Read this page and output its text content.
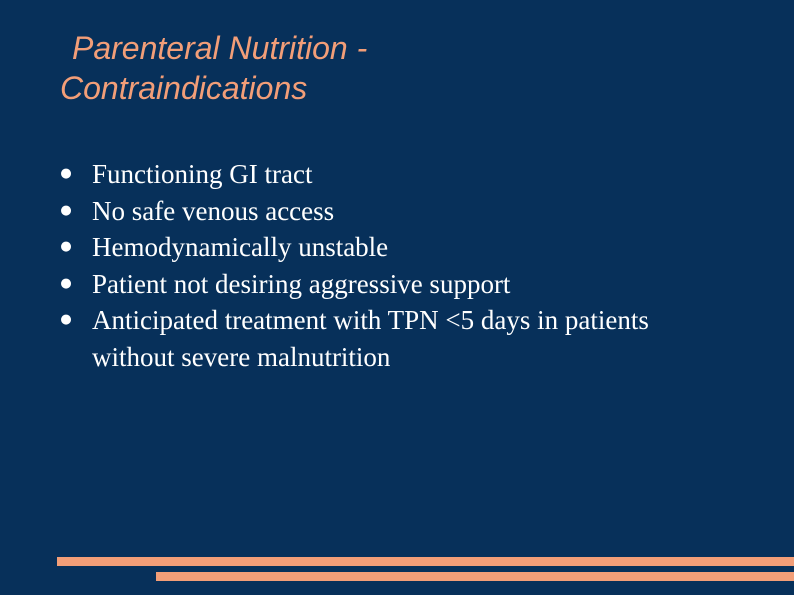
Parenteral Nutrition -
Contraindications
● Functioning GI tract
● No safe venous access
● Hemodynamically unstable
● Patient not desiring aggressive support
● Anticipated treatment with TPN <5 days in patients without severe malnutrition
